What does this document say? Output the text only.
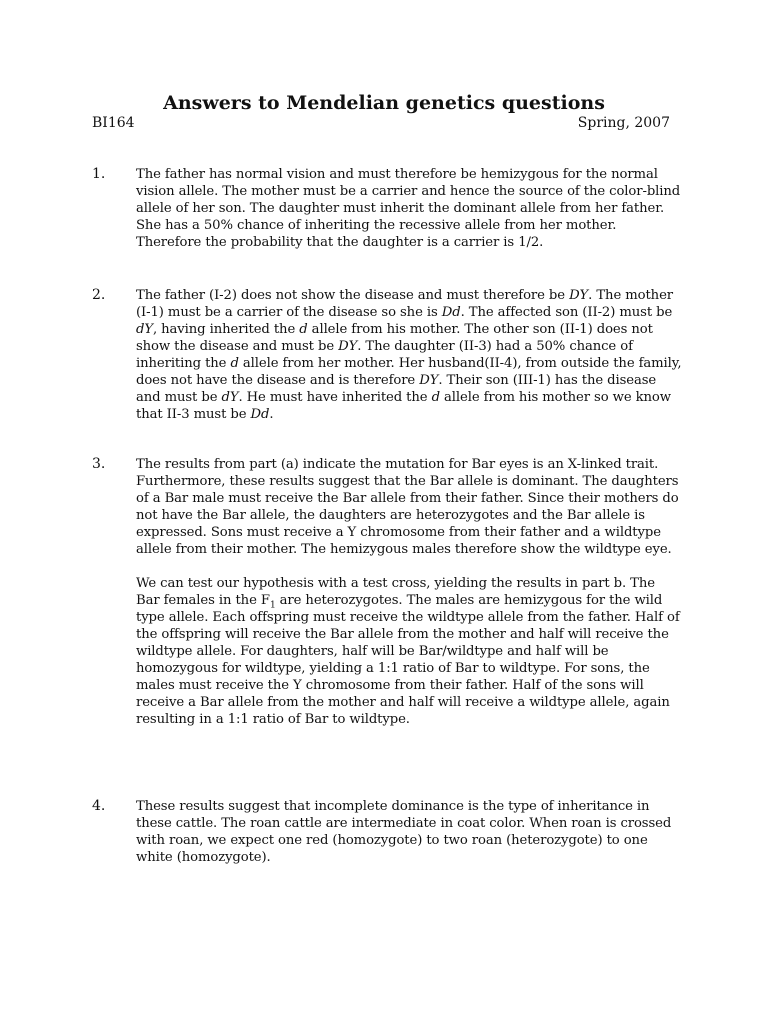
Answers to Mendelian genetics questions
BI164	Spring, 2007
1. The father has normal vision and must therefore be hemizygous for the normal vision allele. The mother must be a carrier and hence the source of the color-blind allele of her son. The daughter must inherit the dominant allele from her father. She has a 50% chance of inheriting the recessive allele from her mother. Therefore the probability that the daughter is a carrier is 1/2.
2. The father (I-2) does not show the disease and must therefore be DY. The mother (I-1) must be a carrier of the disease so she is Dd. The affected son (II-2) must be dY, having inherited the d allele from his mother. The other son (II-1) does not show the disease and must be DY. The daughter (II-3) had a 50% chance of inheriting the d allele from her mother. Her husband(II-4), from outside the family, does not have the disease and is therefore DY. Their son (III-1) has the disease and must be dY. He must have inherited the d allele from his mother so we know that II-3 must be Dd.
3. The results from part (a) indicate the mutation for Bar eyes is an X-linked trait. Furthermore, these results suggest that the Bar allele is dominant. The daughters of a Bar male must receive the Bar allele from their father. Since their mothers do not have the Bar allele, the daughters are heterozygotes and the Bar allele is expressed. Sons must receive a Y chromosome from their father and a wildtype allele from their mother. The hemizygous males therefore show the wildtype eye.
We can test our hypothesis with a test cross, yielding the results in part b. The Bar females in the $F_1$ are heterozygotes. The males are hemizygous for the wild type allele. Each offspring must receive the wildtype allele from the father. Half of the offspring will receive the Bar allele from the mother and half will receive the wildtype allele. For daughters, half will be Bar/wildtype and half will be homozygous for wildtype, yielding a 1:1 ratio of Bar to wildtype. For sons, the males must receive the Y chromosome from their father. Half of the sons will receive a Bar allele from the mother and half will receive a wildtype allele, again resulting in a 1:1 ratio of Bar to wildtype.
4. These results suggest that incomplete dominance is the type of inheritance in these cattle. The roan cattle are intermediate in coat color. When roan is crossed with roan, we expect one red (homozygote) to two roan (heterozygote) to one white (homozygote).
